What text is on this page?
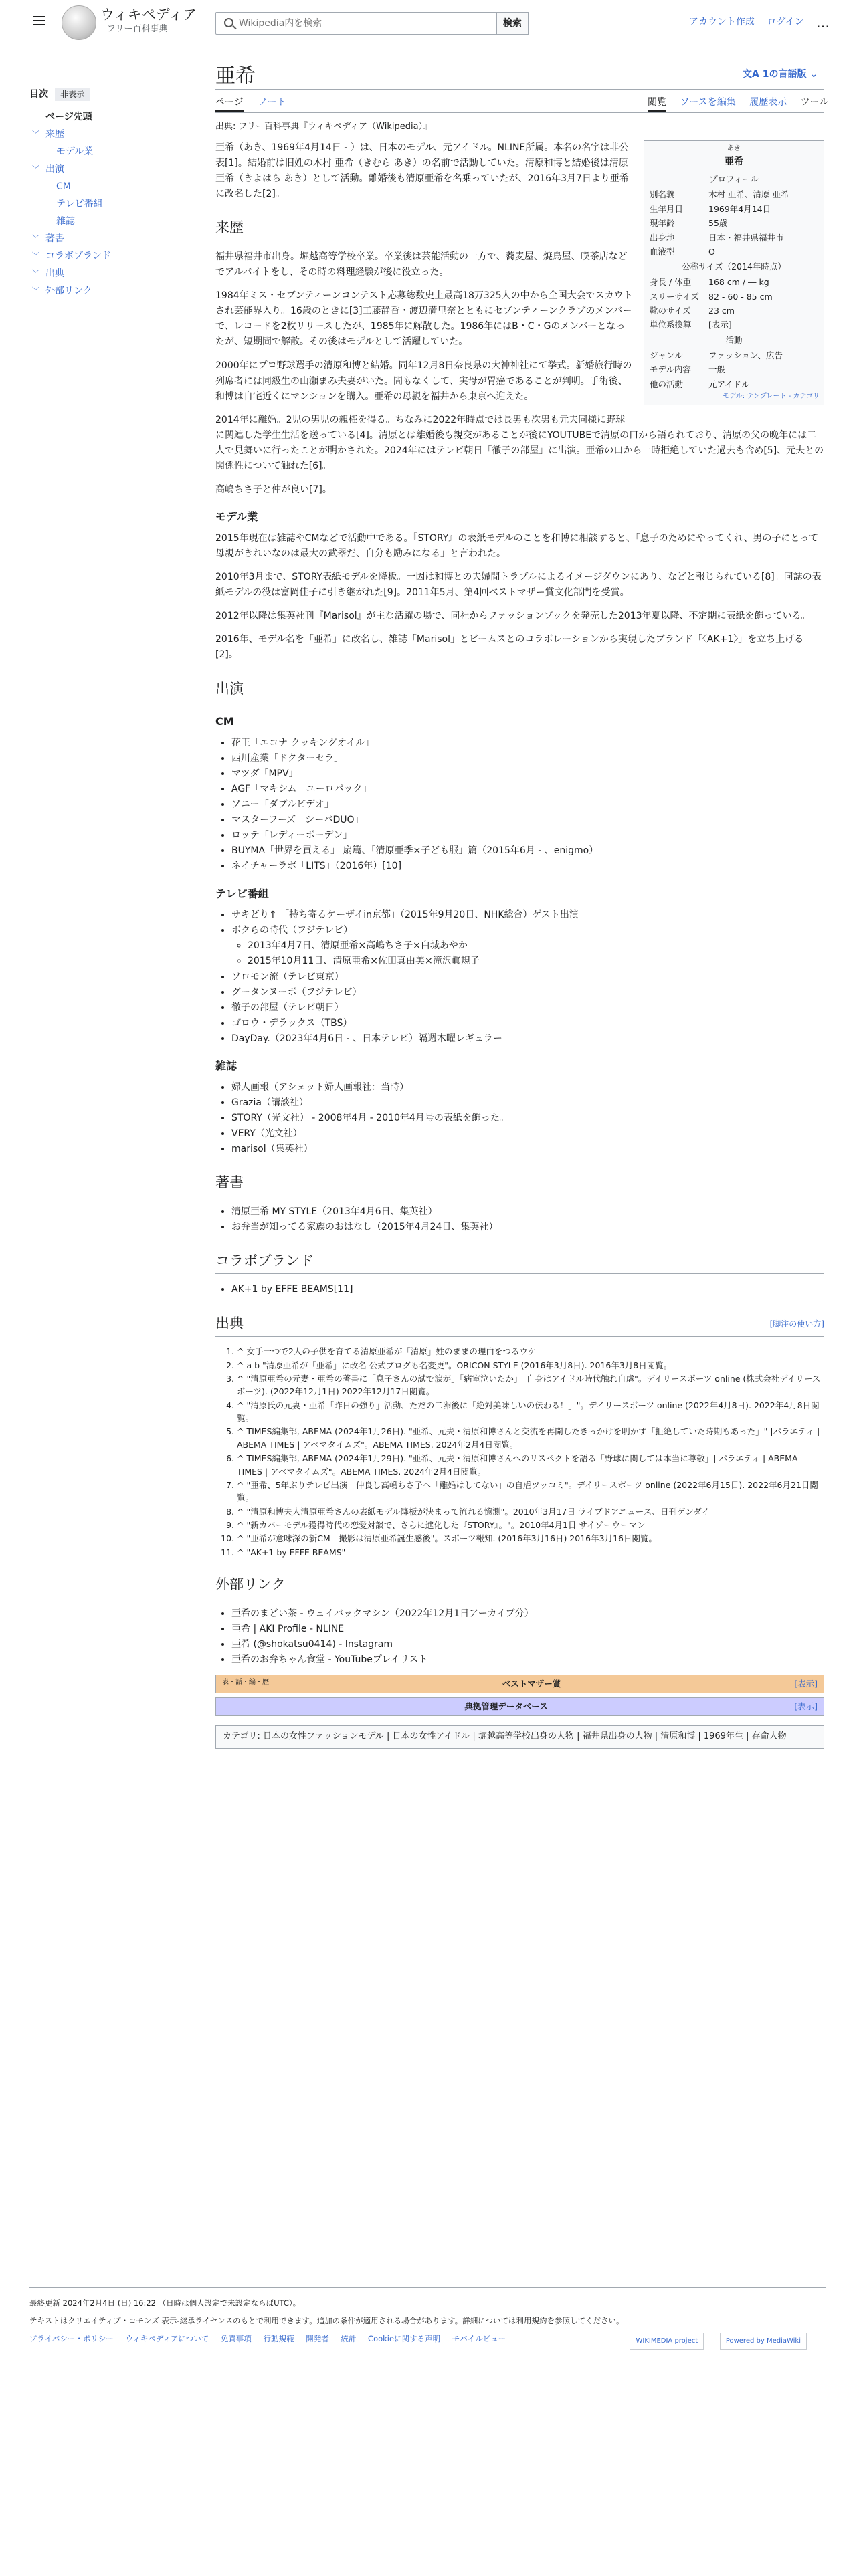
ウィキペディア
フリー百科事典
Wikipedia内を検索
検索	アカウント作成 ログイン …
目次 非表示
ページ先頭
﹀ 来歴
モデル業
﹀ 出演
CM
テレビ番組
雑誌
﹀ 著書
﹀ コラボブランド
﹀ 出典
﹀ 外部リンク
亜希	文A 1の言語版 ⌄
ページ ノート	閲覧 ソースを編集 履歴表示 ツール
出典: フリー百科事典『ウィキペディア（Wikipedia）』
あき
亜希
プロフィール
別名義	木村 亜希、清原 亜希
生年月日	1969年4月14日
現年齢	55歳
出身地	日本・福井県福井市
血液型	O
公称サイズ（2014年時点）
身長 / 体重	168 cm / ― kg
スリーサイズ	82 - 60 - 85 cm
靴のサイズ	23 cm
単位系換算	[表示]
活動
ジャンル	ファッション、広告
モデル内容	一般
他の活動	元アイドル
モデル: テンプレート - カテゴリ

亜希（あき、1969年4月14日 - ）は、日本のモデル、元アイドル。NLINE所属。本名の名字は非公表[1]。結婚前は旧姓の木村 亜希（きむら あき）の名前で活動していた。清原和博と結婚後は清原 亜希（きよはら あき）として活動。離婚後も清原亜希を名乗っていたが、2016年3月7日より亜希に改名した[2]。

来歴

福井県福井市出身。堀越高等学校卒業。卒業後は芸能活動の一方で、蕎麦屋、焼鳥屋、喫茶店などでアルバイトをし、その時の料理経験が後に役立った。

1984年ミス・セブンティーンコンテスト応募総数史上最高18万325人の中から全国大会でスカウトされ芸能界入り。16歳のときに[3]工藤静香・渡辺満里奈とともにセブンティーンクラブのメンバーで、レコードを2枚リリースしたが、1985年に解散した。1986年にはB・C・Gのメンバーとなったが、短期間で解散。その後はモデルとして活躍していた。

2000年にプロ野球選手の清原和博と結婚。同年12月8日奈良県の大神神社にて挙式。新婚旅行時の列席者には同級生の山瀬まみ夫妻がいた。間もなくして、実母が胃癌であることが判明。手術後、和博は自宅近くにマンションを購入。亜希の母親を福井から東京へ迎えた。

2014年に離婚。2児の男児の親権を得る。ちなみに2022年時点では長男も次男も元夫同様に野球に関連した学生生活を送っている[4]。清原とは離婚後も親交があることが後にYOUTUBEで清原の口から語られており、清原の父の晩年には二人で見舞いに行ったことが明かされた。2024年にはテレビ朝日「徹子の部屋」に出演。亜希の口から一時拒絶していた過去も含め[5]、元夫との関係性について触れた[6]。

高嶋ちさ子と仲が良い[7]。

モデル業

2015年現在は雑誌やCMなどで活動中である。『STORY』の表紙モデルのことを和博に相談すると、「息子のためにやってくれ、男の子にとって母親がきれいなのは最大の武器だ、自分も励みになる」と言われた。

2010年3月まで、STORY表紙モデルを降板。一因は和博との夫婦間トラブルによるイメージダウンにあり、などと報じられている[8]。同誌の表紙モデルの役は富岡佳子に引き継がれた[9]。2011年5月、第4回ベストマザー賞文化部門を受賞。

2012年以降は集英社刊『Marisol』が主な活躍の場で、同社からファッションブックを発売した2013年夏以降、不定期に表紙を飾っている。

2016年、モデル名を「亜希」に改名し、雑誌「Marisol」とビームスとのコラボレーションから実現したブランド「〈AK+1〉」を立ち上げる[2]。

出演
CM
• 花王「エコナ クッキングオイル」
• 西川産業「ドクターセラ」
• マツダ「MPV」
• AGF「マキシム　ユーロパック」
• ソニー「ダブルビデオ」
• マスターフーズ「シーバDUO」
• ロッテ「レディーボーデン」
• BUYMA「世界を買える」 扇篇、「清原亜季×子ども服」篇（2015年6月 - 、enigmo）
• ネイチャーラボ「LITS」（2016年）[10]
テレビ番組
• サキどり↑ 「持ち寄るケーザイin京都」（2015年9月20日、NHK総合）ゲスト出演
• ボクらの時代（フジテレビ）
◦ 2013年4月7日、清原亜希×高嶋ちさ子×白城あやか
◦ 2015年10月11日、清原亜希×佐田真由美×滝沢眞規子
• ソロモン流（テレビ東京）
• グータンヌーボ（フジテレビ）
• 徹子の部屋（テレビ朝日）
• ゴロウ・デラックス（TBS）
• DayDay.（2023年4月6日 - 、日本テレビ）隔週木曜レギュラー
雑誌
• 婦人画報（アシェット婦人画報社：当時）
• Grazia（講談社）
• STORY（光文社） - 2008年4月 - 2010年4月号の表紙を飾った。
• VERY（光文社）
• marisol（集英社）
著書
• 清原亜希 MY STYLE（2013年4月6日、集英社）
• お弁当が知ってる家族のおはなし（2015年4月24日、集英社）
コラボブランド
• AK+1 by EFFE BEAMS[11]
出典	[脚注の使い方]
1. ^ 女手一つで2人の子供を育てる清原亜希が「清原」姓のままの理由をつるウケ
2. ^ a b "清原亜希が「亜希」に改名 公式ブログも名変更"。ORICON STYLE (2016年3月8日). 2016年3月8日閲覧。
3. ^ "清原亜希の元妻・亜希の著書に「息子さんの試で涙が」「病室泣いたか」　自身はアイドル時代触れ自虐"。デイリースポーツ online (株式会社デイリースポーツ). (2022年12月1日) 2022年12月17日閲覧。
4. ^ "清原氏の元妻・亜希「昨日の強り」活動、ただの二卵後に「絶対美味しいの伝わる！」"。デイリースポーツ online (2022年4月8日). 2022年4月8日閲覧。
5. ^ TIMES編集部, ABEMA (2024年1月26日). "亜希、元夫・清原和博さんと交流を再開したきっかけを明かす「拒絶していた時期もあった」" |バラエティ | ABEMA TIMES | アベマタイムズ"。ABEMA TIMES. 2024年2月4日閲覧。
6. ^ TIMES編集部, ABEMA (2024年1月29日). "亜希、元夫・清原和博さんへのリスペクトを語る「野球に関しては本当に尊敬」| バラエティ | ABEMA TIMES | アベマタイムズ"。ABEMA TIMES. 2024年2月4日閲覧。
7. ^ "亜希、5年ぶりテレビ出演　仲良し高嶋ちさ子へ「離婚はしてない」の自虐ツッコミ"。デイリースポーツ online (2022年6月15日). 2022年6月21日閲覧。
8. ^ "清原和博夫人清原亜希さんの表紙モデル降板が決まって流れる憶測"。2010年3月17日 ライブドアニュース、日刊ゲンダイ
9. ^ "新カバーモデル獲得時代の恋愛対談で、さらに進化した『STORY』。"。2010年4月1日 サイゾーウーマン
10. ^ "亜希が意味深の新CM　撮影は清原亜希誕生感後"。スポーツ報知. (2016年3月16日) 2016年3月16日閲覧。
11. ^ "AK+1 by EFFE BEAMS"
外部リンク
• 亜希のまどい茶 - ウェイバックマシン（2022年12月1日アーカイブ分）
• 亜希 | AKI Profile - NLINE
• 亜希 (@shokatsu0414) - Instagram
• 亜希のお弁ちゃん食堂 - YouTubeプレイリスト
表・話・編・歴	ベストマザー賞	[表示]
典拠管理データベース	[表示]
カテゴリ: 日本の女性ファッションモデル | 日本の女性アイドル | 堀越高等学校出身の人物 | 福井県出身の人物 | 清原和博 | 1969年生 | 存命人物

最終更新 2024年2月4日 (日) 16:22 （日時は個人設定で未設定ならばUTC）。

テキストはクリエイティブ・コモンズ 表示-継承ライセンスのもとで利用できます。追加の条件が適用される場合があります。詳細については利用規約を参照してください。

プライバシー・ポリシー ウィキペディアについて 免責事項 行動規範 開発者 統計 Cookieに関する声明 モバイルビュー	WIKIMEDIA project	Powered by MediaWiki
